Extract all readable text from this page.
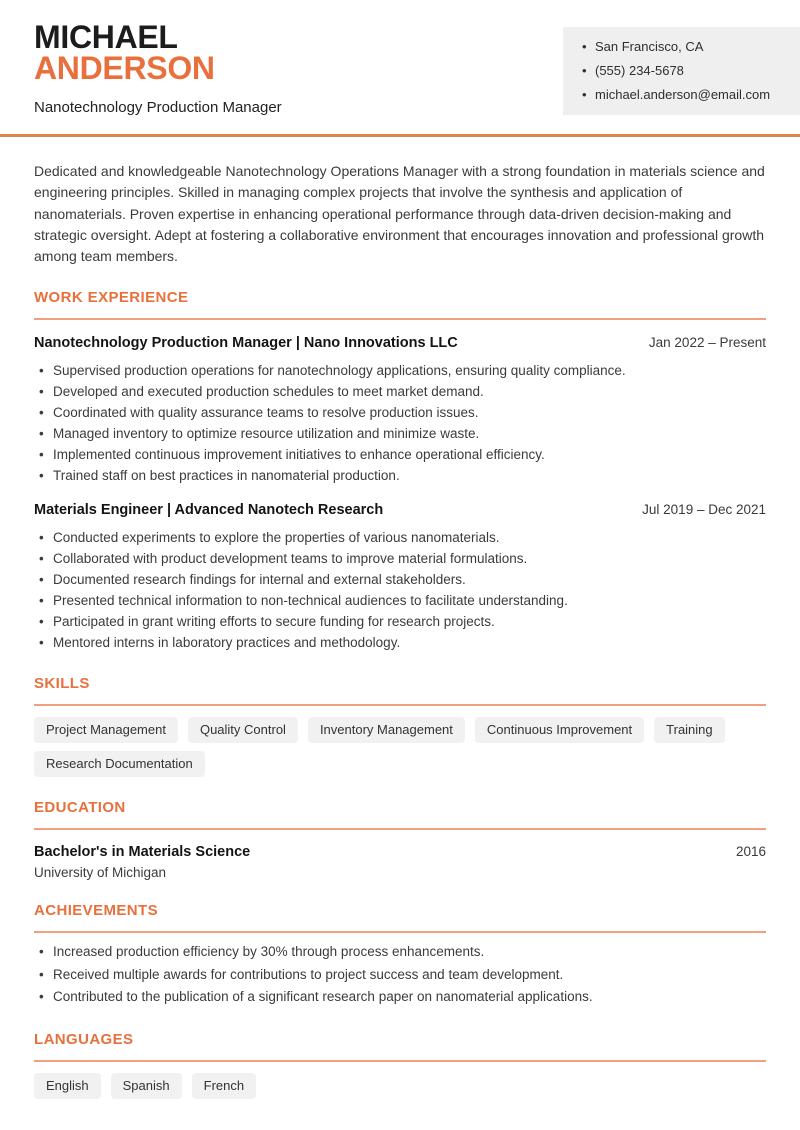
MICHAEL
ANDERSON
Nanotechnology Production Manager
• San Francisco, CA
• (555) 234-5678
• michael.anderson@email.com

Dedicated and knowledgeable Nanotechnology Operations Manager with a strong foundation in materials science and engineering principles. Skilled in managing complex projects that involve the synthesis and application of nanomaterials. Proven expertise in enhancing operational performance through data-driven decision-making and strategic oversight. Adept at fostering a collaborative environment that encourages innovation and professional growth among team members.

WORK EXPERIENCE
Nanotechnology Production Manager | Nano Innovations LLC	Jan 2022 – Present
• Supervised production operations for nanotechnology applications, ensuring quality compliance.
• Developed and executed production schedules to meet market demand.
• Coordinated with quality assurance teams to resolve production issues.
• Managed inventory to optimize resource utilization and minimize waste.
• Implemented continuous improvement initiatives to enhance operational efficiency.
• Trained staff on best practices in nanomaterial production.
Materials Engineer | Advanced Nanotech Research	Jul 2019 – Dec 2021
• Conducted experiments to explore the properties of various nanomaterials.
• Collaborated with product development teams to improve material formulations.
• Documented research findings for internal and external stakeholders.
• Presented technical information to non-technical audiences to facilitate understanding.
• Participated in grant writing efforts to secure funding for research projects.
• Mentored interns in laboratory practices and methodology.
SKILLS
Project Management	Quality Control	Inventory Management	Continuous Improvement	Training
Research Documentation
EDUCATION
Bachelor's in Materials Science	2016
University of Michigan
ACHIEVEMENTS
• Increased production efficiency by 30% through process enhancements.
• Received multiple awards for contributions to project success and team development.
• Contributed to the publication of a significant research paper on nanomaterial applications.
LANGUAGES
English	Spanish	French
